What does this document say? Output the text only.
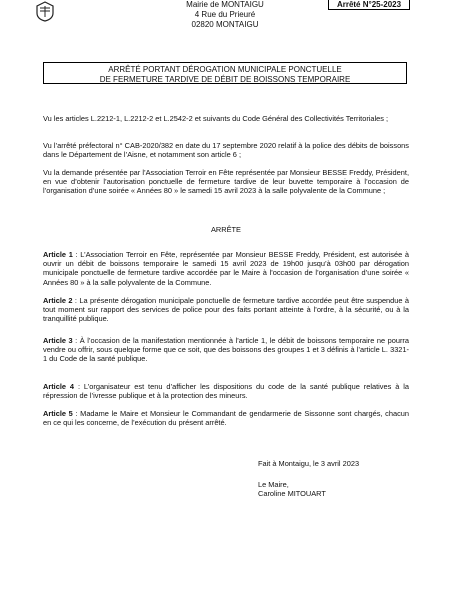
Mairie de MONTAIGU
4 Rue du Prieuré
02820 MONTAIGU
Arrêté N°25-2023
ARRÊTÉ PORTANT DÉROGATION MUNICIPALE PONCTUELLE
DE FERMETURE TARDIVE DE DÉBIT DE BOISSONS TEMPORAIRE
Vu les articles L.2212-1, L.2212-2 et L.2542-2 et suivants du Code Général des Collectivités Territoriales ;
Vu l’arrêté préfectoral n° CAB-2020/382 en date du 17 septembre 2020 relatif à la police des débits de boissons dans le Département de l’Aisne, et notamment son article 6 ;
Vu la demande présentée par l’Association Terroir en Fête représentée par Monsieur BESSE Freddy, Président, en vue d’obtenir l’autorisation ponctuelle de fermeture tardive de leur buvette temporaire à l’occasion de l’organisation d’une soirée « Années 80 » le samedi 15 avril 2023 à la salle polyvalente de la Commune ;
ARRÊTE
Article 1 : L’Association Terroir en Fête, représentée par Monsieur BESSE Freddy, Président, est autorisée à ouvrir un débit de boissons temporaire le samedi 15 avril 2023 de 19h00 jusqu’à 03h00 par dérogation municipale ponctuelle de fermeture tardive accordée par le Maire à l’occasion de l’organisation d’une soirée « Années 80 » à la salle polyvalente de la Commune.
Article 2 : La présente dérogation municipale ponctuelle de fermeture tardive accordée peut être suspendue à tout moment sur rapport des services de police pour des faits portant atteinte à l’ordre, à la sécurité, ou à la tranquillité publique.
Article 3 : À l’occasion de la manifestation mentionnée à l’article 1, le débit de boissons temporaire ne pourra vendre ou offrir, sous quelque forme que ce soit, que des boissons des groupes 1 et 3 définis à l’article L. 3321-1 du Code de la santé publique.
Article 4 : L’organisateur est tenu d’afficher les dispositions du code de la santé publique relatives à la répression de l’ivresse publique et à la protection des mineurs.
Article 5 : Madame le Maire et Monsieur le Commandant de gendarmerie de Sissonne sont chargés, chacun en ce qui les concerne, de l’exécution du présent arrêté.
Fait à Montaigu, le 3 avril 2023
Le Maire,
Caroline MITOUART
